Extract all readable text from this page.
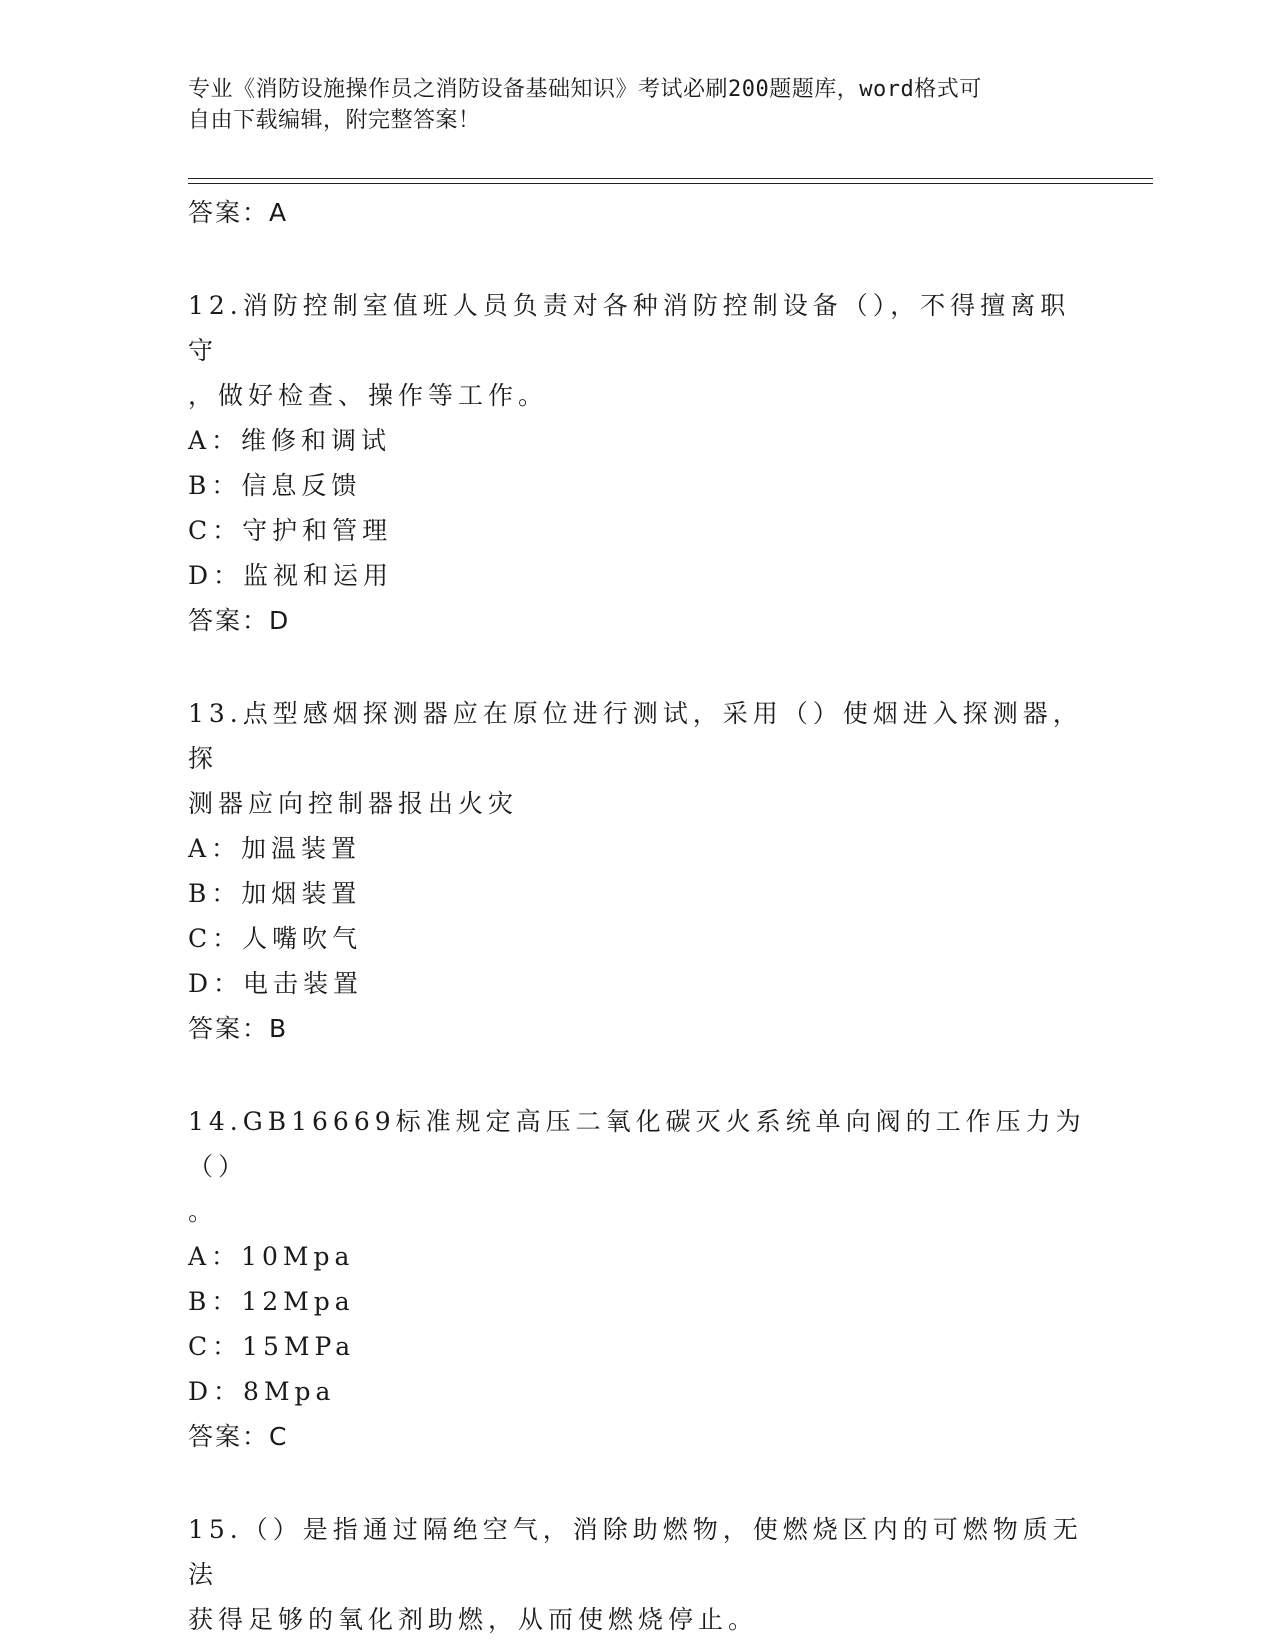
专业《消防设施操作员之消防设备基础知识》考试必刷200题题库，word格式可
自由下载编辑，附完整答案！

答案：A

12.消防控制室值班人员负责对各种消防控制设备（），不得擅离职守

，做好检查、操作等工作。

A：维修和调试

B：信息反馈

C：守护和管理

D：监视和运用

答案：D

13.点型感烟探测器应在原位进行测试，采用（）使烟进入探测器，探

测器应向控制器报出火灾

A：加温装置

B：加烟装置

C：人嘴吹气

D：电击装置

答案：B

14.GB16669标准规定高压二氧化碳灭火系统单向阀的工作压力为（）

。

A：10Mpa

B：12Mpa

C：15MPa

D：8Mpa

答案：C

15.（）是指通过隔绝空气，消除助燃物，使燃烧区内的可燃物质无法

获得足够的氧化剂助燃，从而使燃烧停止。
